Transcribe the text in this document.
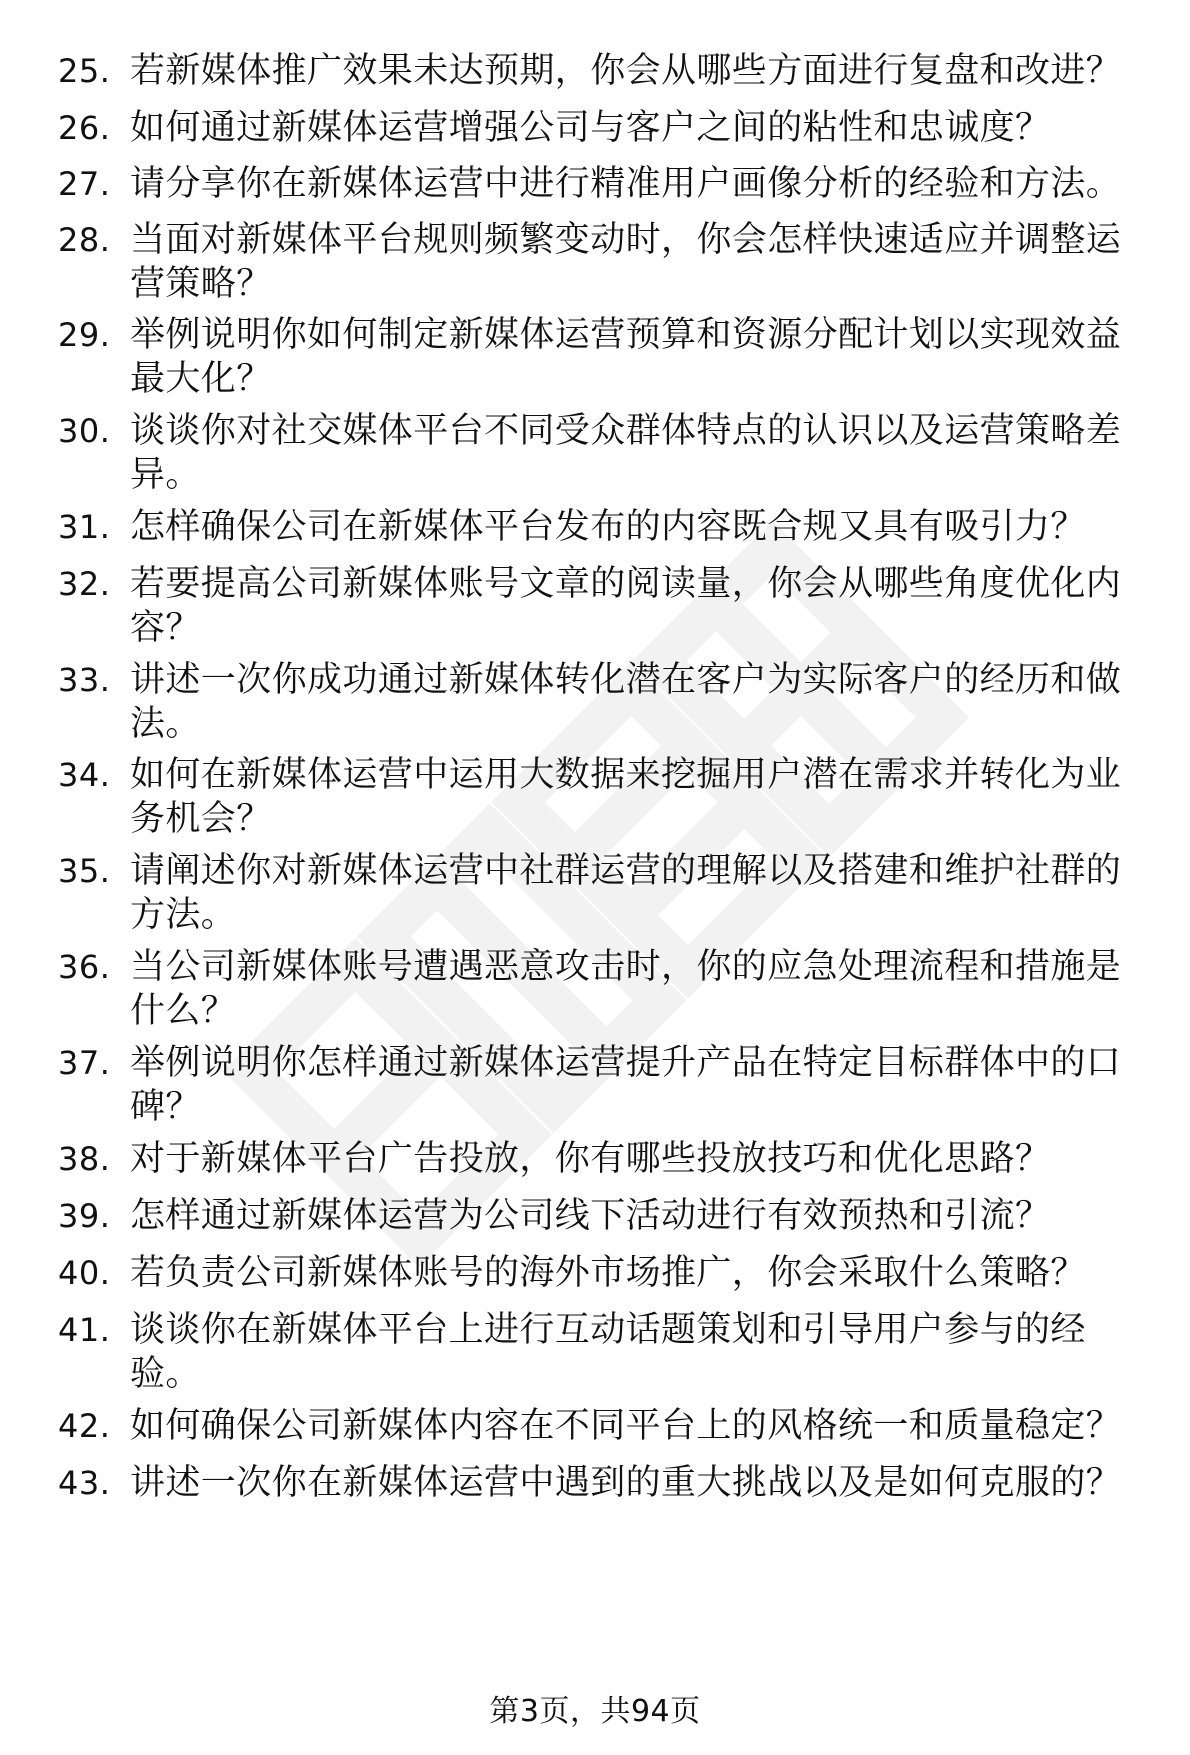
25. 若新媒体推广效果未达预期，你会从哪些方面进行复盘和改进？
26. 如何通过新媒体运营增强公司与客户之间的粘性和忠诚度？
27. 请分享你在新媒体运营中进行精准用户画像分析的经验和方法。
28. 当面对新媒体平台规则频繁变动时，你会怎样快速适应并调整运营策略？
29. 举例说明你如何制定新媒体运营预算和资源分配计划以实现效益最大化？
30. 谈谈你对社交媒体平台不同受众群体特点的认识以及运营策略差异。
31. 怎样确保公司在新媒体平台发布的内容既合规又具有吸引力？
32. 若要提高公司新媒体账号文章的阅读量，你会从哪些角度优化内容？
33. 讲述一次你成功通过新媒体转化潜在客户为实际客户的经历和做法。
34. 如何在新媒体运营中运用大数据来挖掘用户潜在需求并转化为业务机会？
35. 请阐述你对新媒体运营中社群运营的理解以及搭建和维护社群的方法。
36. 当公司新媒体账号遭遇恶意攻击时，你的应急处理流程和措施是什么？
37. 举例说明你怎样通过新媒体运营提升产品在特定目标群体中的口碑？
38. 对于新媒体平台广告投放，你有哪些投放技巧和优化思路？
39. 怎样通过新媒体运营为公司线下活动进行有效预热和引流？
40. 若负责公司新媒体账号的海外市场推广，你会采取什么策略？
41. 谈谈你在新媒体平台上进行互动话题策划和引导用户参与的经验。
42. 如何确保公司新媒体内容在不同平台上的风格统一和质量稳定？
43. 讲述一次你在新媒体运营中遇到的重大挑战以及是如何克服的？
第3页，共94页
